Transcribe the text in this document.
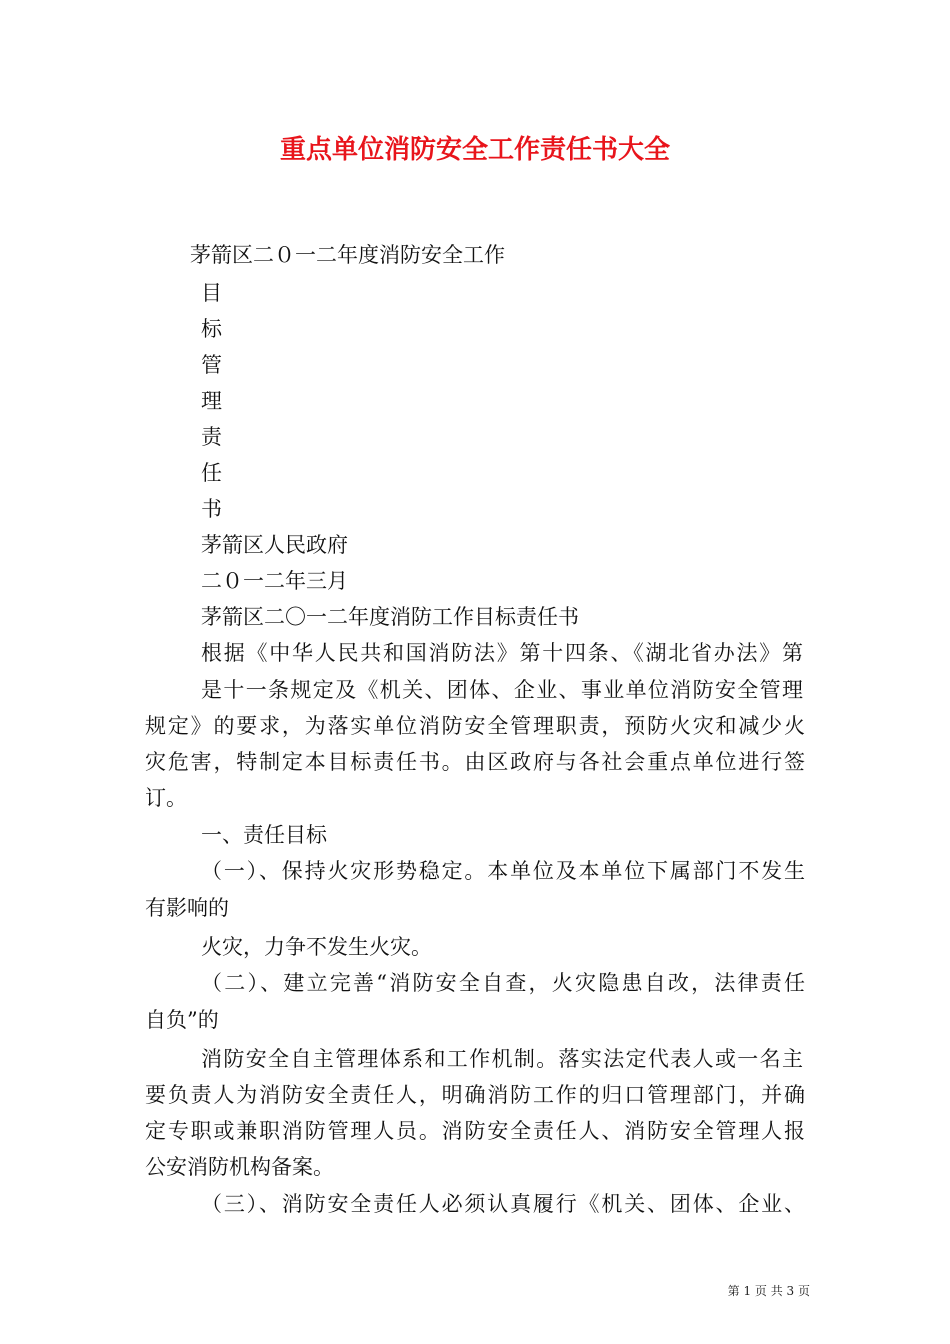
重点单位消防安全工作责任书大全
茅箭区二０一二年度消防安全工作
目
标
管
理
责
任
书
茅箭区人民政府
二０一二年三月
茅箭区二〇一二年度消防工作目标责任书
根据《中华人民共和国消防法》第十四条、《湖北省办法》第
是十一条规定及《机关、团体、企业、事业单位消防安全管理
规定》的要求，为落实单位消防安全管理职责，预防火灾和减少火
灾危害，特制定本目标责任书。由区政府与各社会重点单位进行签
订。
一、责任目标
（一）、保持火灾形势稳定。本单位及本单位下属部门不发生
有影响的
火灾，力争不发生火灾。
（二）、建立完善“消防安全自查，火灾隐患自改，法律责任
自负”的
消防安全自主管理体系和工作机制。落实法定代表人或一名主
要负责人为消防安全责任人，明确消防工作的归口管理部门，并确
定专职或兼职消防管理人员。消防安全责任人、消防安全管理人报
公安消防机构备案。
（三）、消防安全责任人必须认真履行《机关、团体、企业、
第 1 页 共 3 页
